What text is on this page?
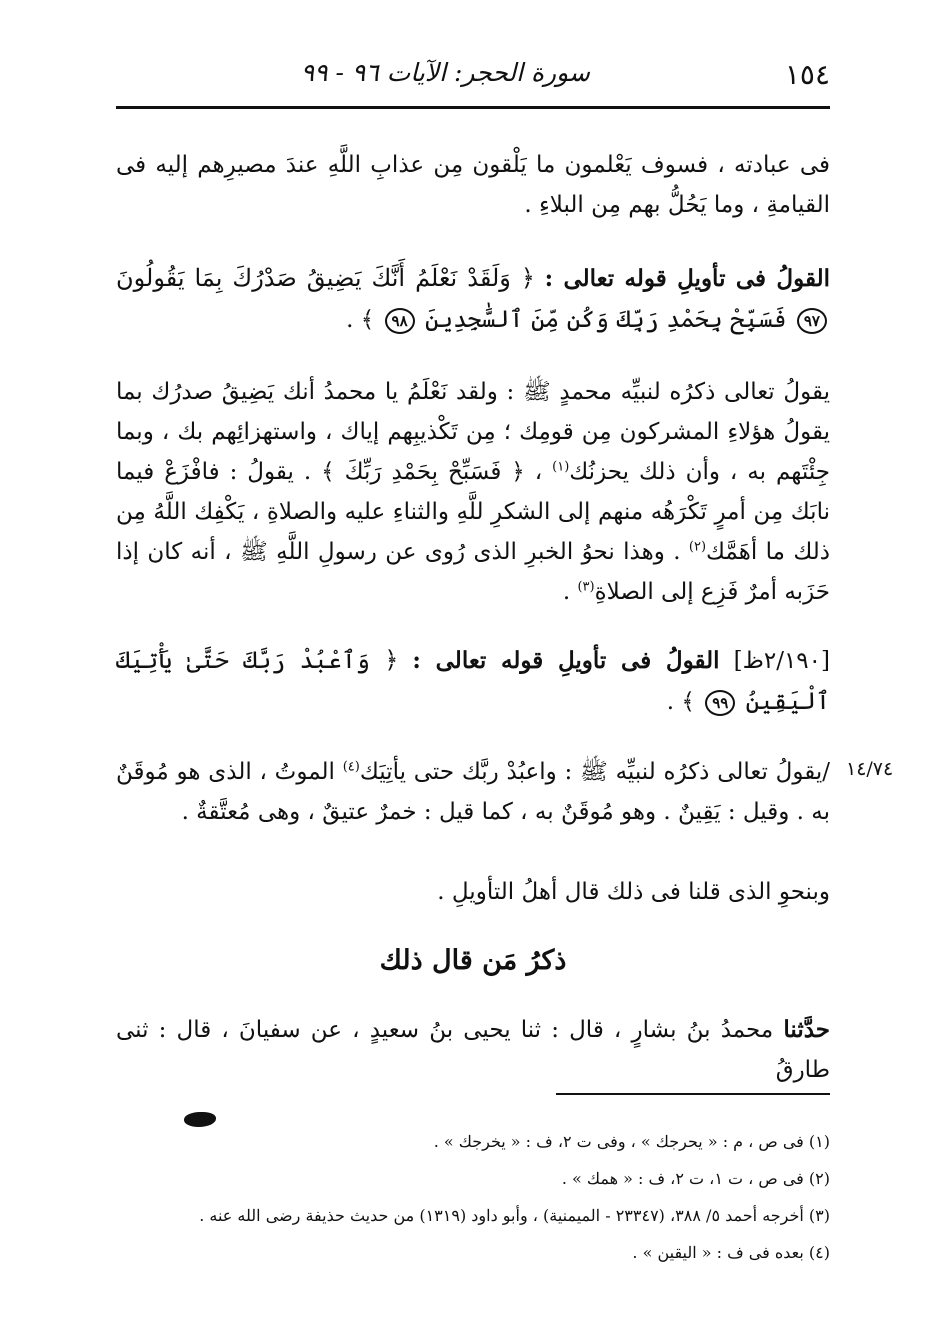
١٥٤
سورة الحجر: الآيات ٩٦ - ٩٩

فى عبادته ، فسوف يَعْلمون ما يَلْقون مِن عذابِ اللَّهِ عندَ مصيرِهم إليه فى القيامةِ ، وما يَحُلُّ بهم مِن البلاءِ .

القولُ فى تأويلِ قوله تعالى : ﴿ وَلَقَدْ نَعْلَمُ أَنَّكَ يَضِيقُ صَدْرُكَ بِمَا يَقُولُونَ ٩٧ فَسَبِّحْ بِحَمْدِ رَبِّكَ وَكُن مِّنَ ٱلسَّٰجِدِينَ ٩٨ ﴾ .

يقولُ تعالى ذكرُه لنبيِّه محمدٍ ﷺ : ولقد نَعْلَمُ يا محمدُ أنك يَضِيقُ صدرُك بما يقولُ هؤلاءِ المشركون مِن قومِك ؛ مِن تَكْذيبِهم إياك ، واستهزائِهم بك ، وبما جِئْتَهم به ، وأن ذلك يحزنُك$^{(١)}$ ، ﴿ فَسَبِّحْ بِحَمْدِ رَبِّكَ ﴾ . يقولُ : فافْزَعْ فيما نابَك مِن أمرٍ تَكْرَهُه منهم إلى الشكرِ للَّهِ والثناءِ عليه والصلاةِ ، يَكْفِك اللَّهُ مِن ذلك ما أهَمَّك$^{(٢)}$ . وهذا نحوُ الخبرِ الذى رُوى عن رسولِ اللَّهِ ﷺ ، أنه كان إذا حَزَبه أمرٌ فَزِع إلى الصلاةِ$^{(٣)}$ .

[٢/١٩٠ظ] القولُ فى تأويلِ قوله تعالى : ﴿ وَٱعْبُدْ رَبَّكَ حَتَّىٰ يَأْتِيَكَ ٱلْيَقِينُ ٩٩ ﴾ .

١٤/٧٤

/يقولُ تعالى ذكرُه لنبيِّه ﷺ : واعبُدْ ربَّك حتى يأتِيَك$^{(٤)}$ الموتُ ، الذى هو مُوقَنٌ به . وقيل : يَقِينٌ . وهو مُوقَنٌ به ، كما قيل : خمرٌ عتيقٌ ، وهى مُعتَّقةٌ .

وبنحوِ الذى قلنا فى ذلك قال أهلُ التأويلِ .

ذكرُ مَن قال ذلك

حدَّثنا محمدُ بنُ بشارٍ ، قال : ثنا يحيى بنُ سعيدٍ ، عن سفيانَ ، قال : ثنى طارقُ

(١) فى ص ، م : « يحرجك » ، وفى ت ٢، ف : « يخرجك » .

(٢) فى ص ، ت ١، ت ٢، ف : « همك » .

(٣) أخرجه أحمد ٥/ ٣٨٨، (٢٣٣٤٧ - الميمنية) ، وأبو داود (١٣١٩) من حديث حذيفة رضى الله عنه .

(٤) بعده فى ف : « اليقين » .
